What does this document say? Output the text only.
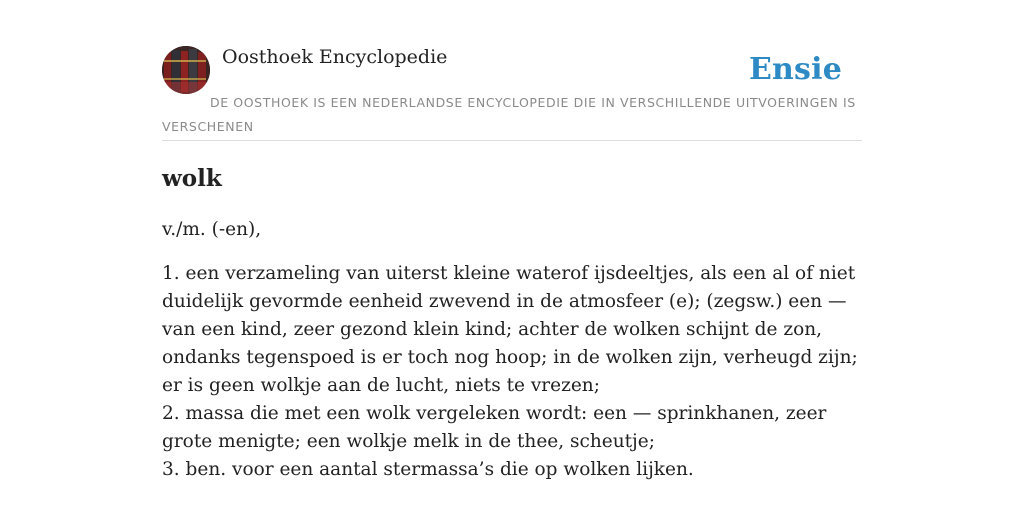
Oosthoek Encyclopedie	Ensie
DE OOSTHOEK IS EEN NEDERLANDSE ENCYCLOPEDIE DIE IN VERSCHILLENDE UITVOERINGEN IS VERSCHENEN
wolk
v./m. (-en),
1. een verzameling van uiterst kleine waterof ijsdeeltjes, als een al of niet duidelijk gevormde eenheid zwevend in de atmosfeer (e); (zegsw.) een — van een kind, zeer gezond klein kind; achter de wolken schijnt de zon, ondanks tegenspoed is er toch nog hoop; in de wolken zijn, verheugd zijn; er is geen wolkje aan de lucht, niets te vrezen;
2. massa die met een wolk vergeleken wordt: een — sprinkhanen, zeer grote menigte; een wolkje melk in de thee, scheutje;
3. ben. voor een aantal stermassa’s die op wolken lijken.
